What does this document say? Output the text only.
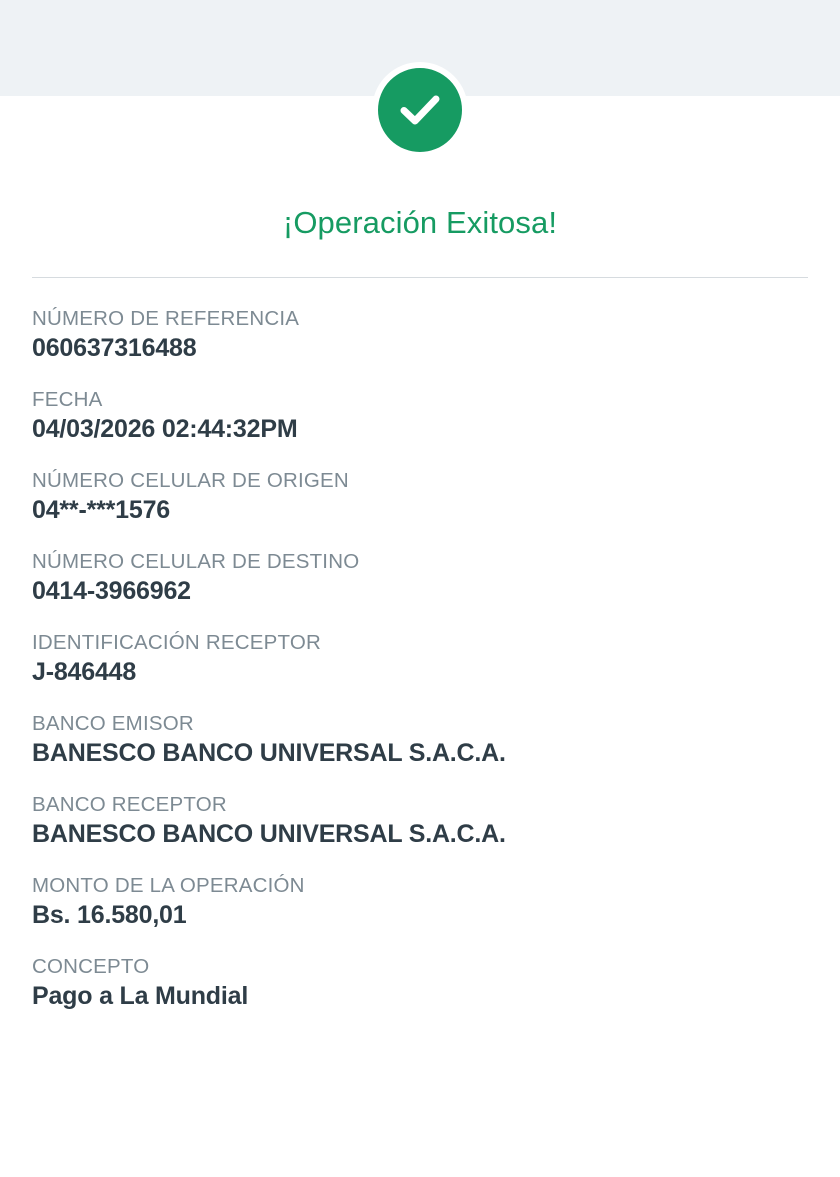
¡Operación Exitosa!
NÚMERO DE REFERENCIA
060637316488
FECHA
04/03/2026 02:44:32PM
NÚMERO CELULAR DE ORIGEN
04**-***1576
NÚMERO CELULAR DE DESTINO
0414-3966962
IDENTIFICACIÓN RECEPTOR
J-846448
BANCO EMISOR
BANESCO BANCO UNIVERSAL S.A.C.A.
BANCO RECEPTOR
BANESCO BANCO UNIVERSAL S.A.C.A.
MONTO DE LA OPERACIÓN
Bs. 16.580,01
CONCEPTO
Pago a La Mundial
